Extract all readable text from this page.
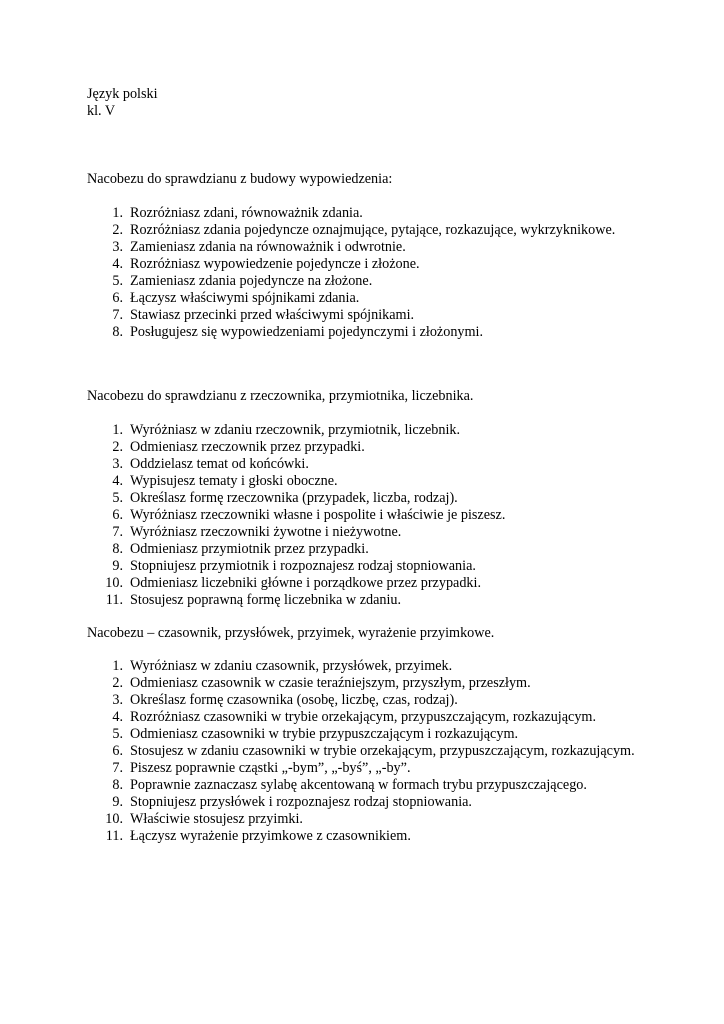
Język polski
kl. V
Nacobezu do sprawdzianu z budowy wypowiedzenia:
1. Rozróżniasz zdani, równoważnik zdania.
2. Rozróżniasz zdania pojedyncze oznajmujące, pytające, rozkazujące, wykrzyknikowe.
3. Zamieniasz zdania na równoważnik i odwrotnie.
4. Rozróżniasz wypowiedzenie pojedyncze i złożone.
5. Zamieniasz zdania pojedyncze na złożone.
6. Łączysz właściwymi spójnikami zdania.
7. Stawiasz przecinki przed właściwymi spójnikami.
8. Posługujesz się wypowiedzeniami pojedynczymi i złożonymi.
Nacobezu do sprawdzianu z rzeczownika, przymiotnika, liczebnika.
1. Wyróżniasz w zdaniu rzeczownik, przymiotnik, liczebnik.
2. Odmieniasz rzeczownik przez przypadki.
3. Oddzielasz temat od końcówki.
4. Wypisujesz tematy i głoski oboczne.
5. Określasz formę rzeczownika (przypadek, liczba, rodzaj).
6. Wyróżniasz rzeczowniki własne i pospolite i właściwie je piszesz.
7. Wyróżniasz rzeczowniki żywotne i nieżywotne.
8. Odmieniasz przymiotnik przez przypadki.
9. Stopniujesz przymiotnik i rozpoznajesz rodzaj stopniowania.
10. Odmieniasz liczebniki główne i porządkowe przez przypadki.
11. Stosujesz poprawną formę liczebnika w zdaniu.
Nacobezu – czasownik, przysłówek, przyimek, wyrażenie przyimkowe.
1. Wyróżniasz w zdaniu czasownik, przysłówek, przyimek.
2. Odmieniasz czasownik w czasie teraźniejszym, przyszłym, przeszłym.
3. Określasz formę czasownika (osobę, liczbę, czas, rodzaj).
4. Rozróżniasz czasowniki w trybie orzekającym, przypuszczającym, rozkazującym.
5. Odmieniasz czasowniki w trybie przypuszczającym i rozkazującym.
6. Stosujesz w zdaniu czasowniki w trybie orzekającym, przypuszczającym, rozkazującym.
7. Piszesz poprawnie cząstki „-bym”, „-byś”, „-by”.
8. Poprawnie zaznaczasz sylabę akcentowaną w formach trybu przypuszczającego.
9. Stopniujesz przysłówek i rozpoznajesz rodzaj stopniowania.
10. Właściwie stosujesz przyimki.
11. Łączysz wyrażenie przyimkowe z czasownikiem.
